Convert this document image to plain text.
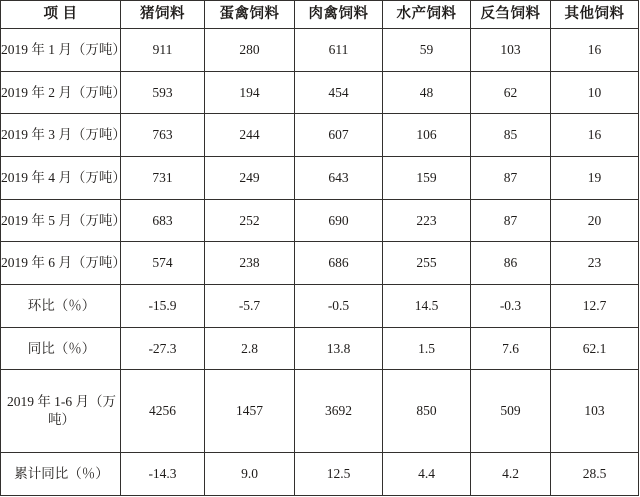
项 目	猪饲料	蛋禽饲料	肉禽饲料	水产饲料	反刍饲料	其他饲料
2019 年 1 月（万吨）	911	280	611	59	103	16
2019 年 2 月（万吨）	593	194	454	48	62	10
2019 年 3 月（万吨）	763	244	607	106	85	16
2019 年 4 月（万吨）	731	249	643	159	87	19
2019 年 5 月（万吨）	683	252	690	223	87	20
2019 年 6 月（万吨）	574	238	686	255	86	23
环比（％）	-15.9	-5.7	-0.5	14.5	-0.3	12.7
同比（％）	-27.3	2.8	13.8	1.5	7.6	62.1
2019 年 1-6 月（万吨）	4256	1457	3692	850	509	103
累计同比（％）	-14.3	9.0	12.5	4.4	4.2	28.5
